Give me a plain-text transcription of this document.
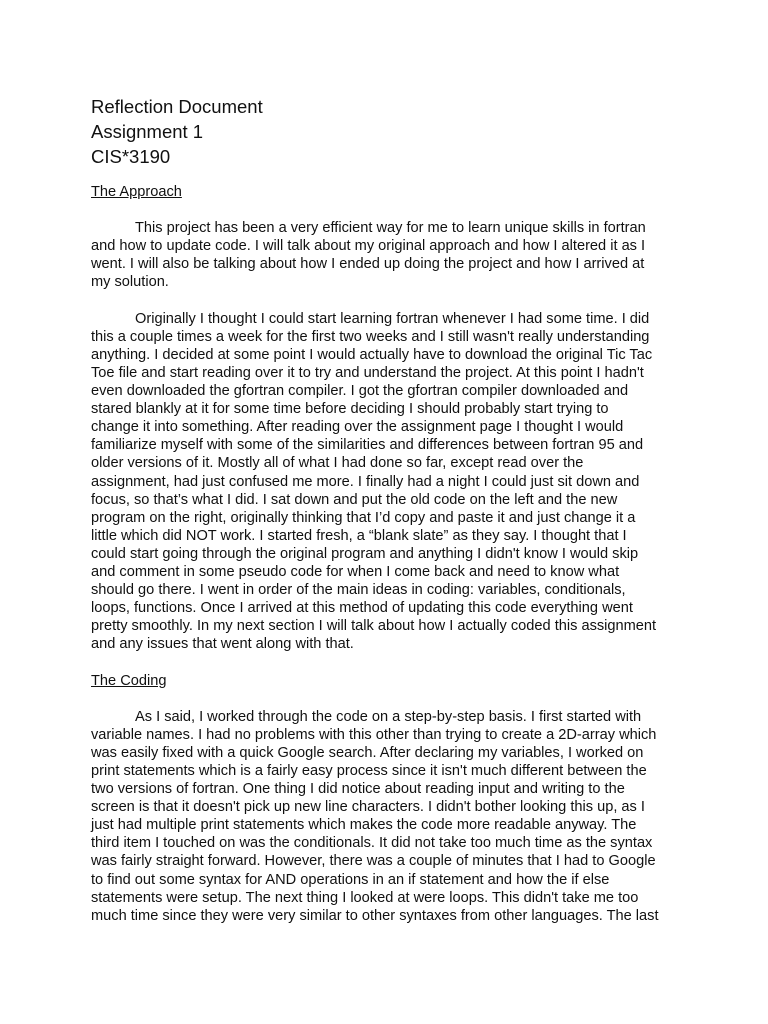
Reflection Document
Assignment 1
CIS*3190
The Approach
This project has been a very efficient way for me to learn unique skills in fortran
and how to update code. I will talk about my original approach and how I altered it as I
went. I will also be talking about how I ended up doing the project and how I arrived at
my solution.
Originally I thought I could start learning fortran whenever I had some time. I did
this a couple times a week for the first two weeks and I still wasn't really understanding
anything. I decided at some point I would actually have to download the original Tic Tac
Toe file and start reading over it to try and understand the project. At this point I hadn't
even downloaded the gfortran compiler. I got the gfortran compiler downloaded and
stared blankly at it for some time before deciding I should probably start trying to
change it into something. After reading over the assignment page I thought I would
familiarize myself with some of the similarities and differences between fortran 95 and
older versions of it. Mostly all of what I had done so far, except read over the
assignment, had just confused me more. I finally had a night I could just sit down and
focus, so that’s what I did. I sat down and put the old code on the left and the new
program on the right, originally thinking that I’d copy and paste it and just change it a
little which did NOT work. I started fresh, a “blank slate” as they say. I thought that I
could start going through the original program and anything I didn't know I would skip
and comment in some pseudo code for when I come back and need to know what
should go there. I went in order of the main ideas in coding: variables, conditionals,
loops, functions. Once I arrived at this method of updating this code everything went
pretty smoothly. In my next section I will talk about how I actually coded this assignment
and any issues that went along with that.
The Coding
As I said, I worked through the code on a step-by-step basis. I first started with
variable names. I had no problems with this other than trying to create a 2D-array which
was easily fixed with a quick Google search. After declaring my variables, I worked on
print statements which is a fairly easy process since it isn't much different between the
two versions of fortran. One thing I did notice about reading input and writing to the
screen is that it doesn't pick up new line characters. I didn't bother looking this up, as I
just had multiple print statements which makes the code more readable anyway. The
third item I touched on was the conditionals. It did not take too much time as the syntax
was fairly straight forward. However, there was a couple of minutes that I had to Google
to find out some syntax for AND operations in an if statement and how the if else
statements were setup. The next thing I looked at were loops. This didn't take me too
much time since they were very similar to other syntaxes from other languages. The last
